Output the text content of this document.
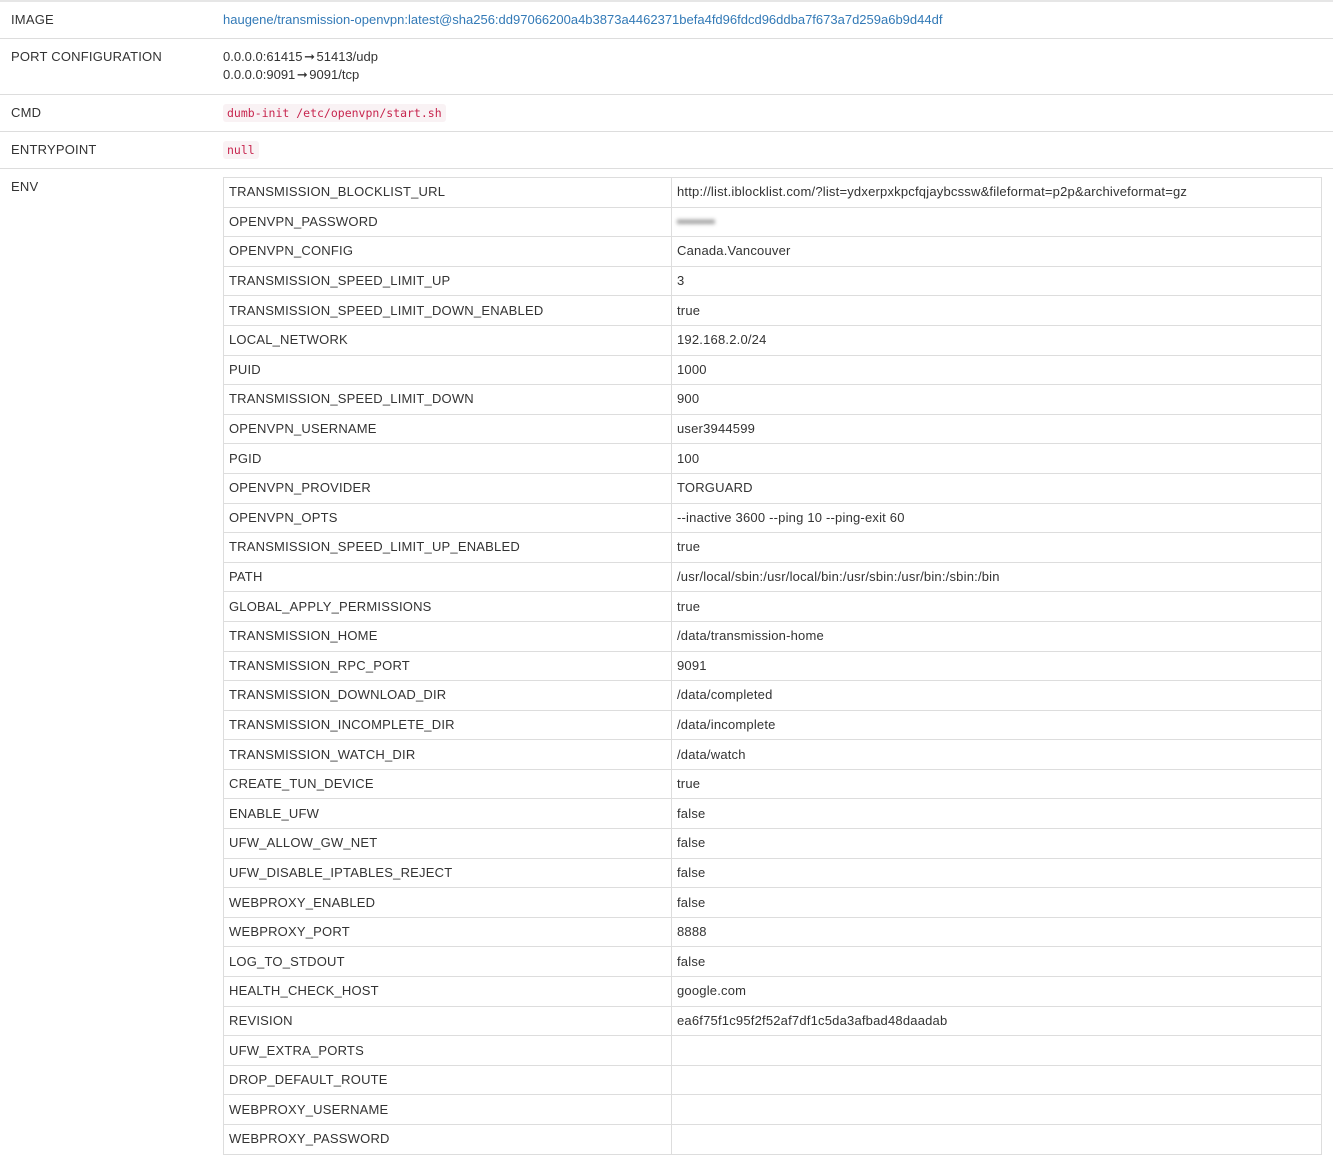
IMAGE	haugene/transmission-openvpn:latest@sha256:dd97066200a4b3873a4462371befa4fd96fdcd96ddba7f673a7d259a6b9d44df
PORT CONFIGURATION	0.0.0.0:61415 ➞ 51413/udp
0.0.0.0:9091 ➞ 9091/tcp
CMD	dumb-init /etc/openvpn/start.sh
ENTRYPOINT	null
ENV	TRANSMISSION_BLOCKLIST_URL	http://list.iblocklist.com/?list=ydxerpxkpcfqjaybcssw&fileformat=p2p&archiveformat=gz
OPENVPN_PASSWORD	••••••••
OPENVPN_CONFIG	Canada.Vancouver
TRANSMISSION_SPEED_LIMIT_UP	3
TRANSMISSION_SPEED_LIMIT_DOWN_ENABLED	true
LOCAL_NETWORK	192.168.2.0/24
PUID	1000
TRANSMISSION_SPEED_LIMIT_DOWN	900
OPENVPN_USERNAME	user3944599
PGID	100
OPENVPN_PROVIDER	TORGUARD
OPENVPN_OPTS	--inactive 3600 --ping 10 --ping-exit 60
TRANSMISSION_SPEED_LIMIT_UP_ENABLED	true
PATH	/usr/local/sbin:/usr/local/bin:/usr/sbin:/usr/bin:/sbin:/bin
GLOBAL_APPLY_PERMISSIONS	true
TRANSMISSION_HOME	/data/transmission-home
TRANSMISSION_RPC_PORT	9091
TRANSMISSION_DOWNLOAD_DIR	/data/completed
TRANSMISSION_INCOMPLETE_DIR	/data/incomplete
TRANSMISSION_WATCH_DIR	/data/watch
CREATE_TUN_DEVICE	true
ENABLE_UFW	false
UFW_ALLOW_GW_NET	false
UFW_DISABLE_IPTABLES_REJECT	false
WEBPROXY_ENABLED	false
WEBPROXY_PORT	8888
LOG_TO_STDOUT	false
HEALTH_CHECK_HOST	google.com
REVISION	ea6f75f1c95f2f52af7df1c5da3afbad48daadab
UFW_EXTRA_PORTS	
DROP_DEFAULT_ROUTE	
WEBPROXY_USERNAME	
WEBPROXY_PASSWORD	
